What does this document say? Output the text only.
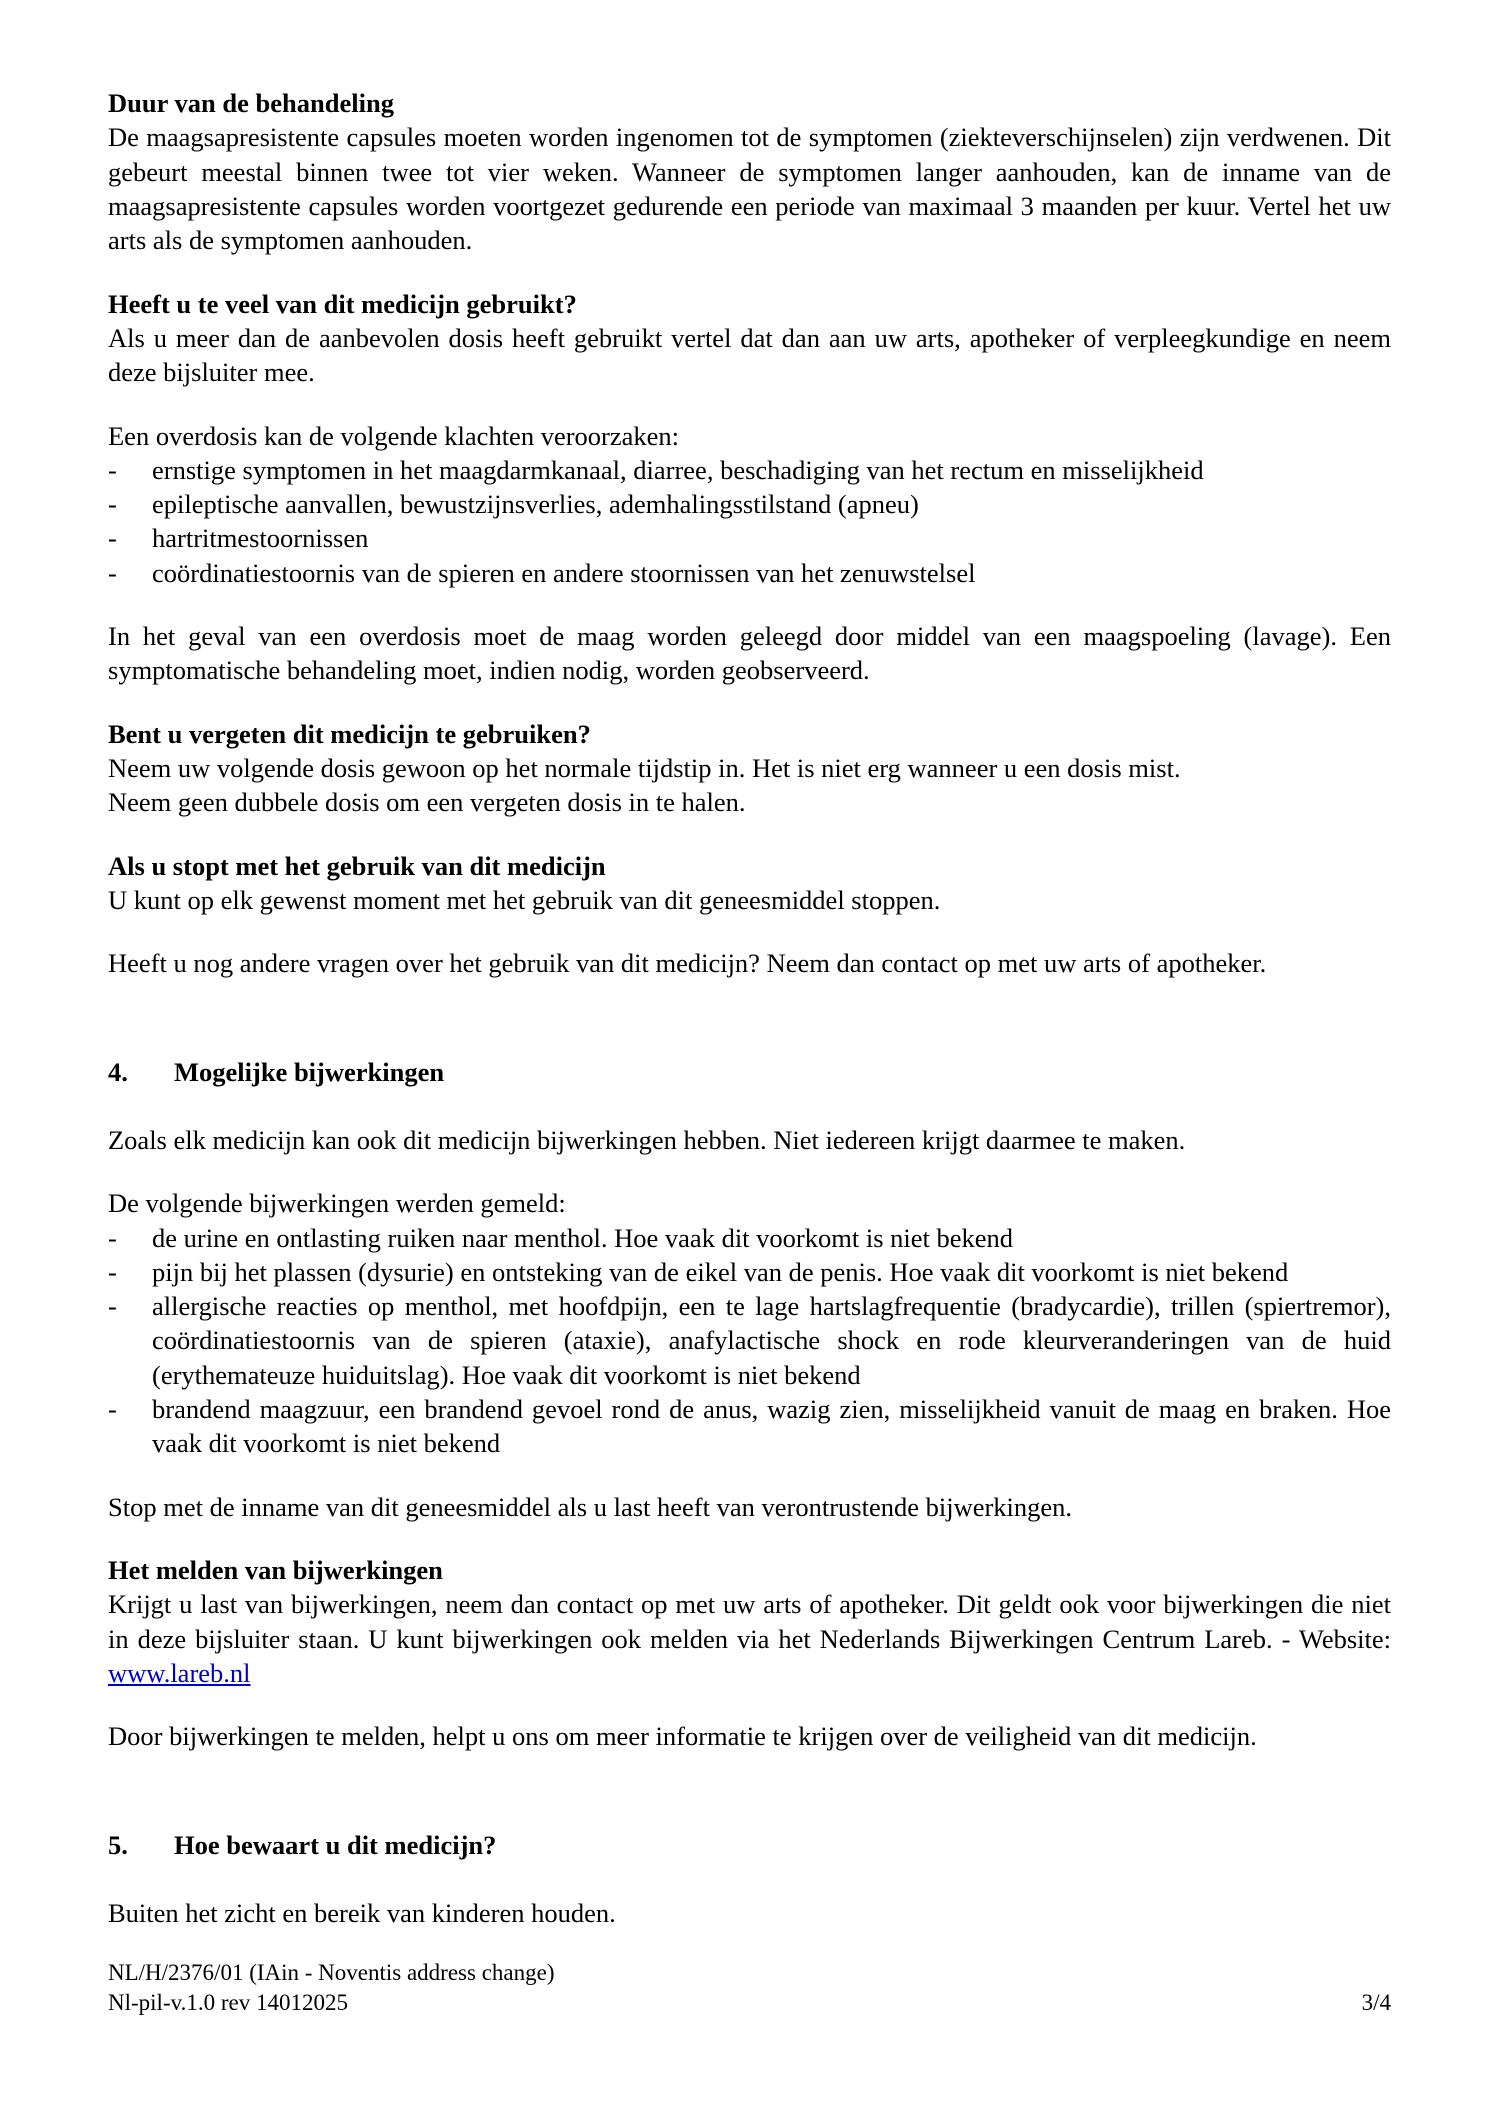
Duur van de behandeling

De maagsapresistente capsules moeten worden ingenomen tot de symptomen (ziekteverschijnselen) zijn verdwenen. Dit gebeurt meestal binnen twee tot vier weken. Wanneer de symptomen langer aanhouden, kan de inname van de maagsapresistente capsules worden voortgezet gedurende een periode van maximaal 3 maanden per kuur. Vertel het uw arts als de symptomen aanhouden.

Heeft u te veel van dit medicijn gebruikt?

Als u meer dan de aanbevolen dosis heeft gebruikt vertel dat dan aan uw arts, apotheker of verpleegkundige en neem deze bijsluiter mee.

Een overdosis kan de volgende klachten veroorzaken:

-	ernstige symptomen in het maagdarmkanaal, diarree, beschadiging van het rectum en misselijkheid
-	epileptische aanvallen, bewustzijnsverlies, ademhalingsstilstand (apneu)
-	hartritmestoornissen
-	coördinatiestoornis van de spieren en andere stoornissen van het zenuwstelsel

In het geval van een overdosis moet de maag worden geleegd door middel van een maagspoeling (lavage). Een symptomatische behandeling moet, indien nodig, worden geobserveerd.

Bent u vergeten dit medicijn te gebruiken?

Neem uw volgende dosis gewoon op het normale tijdstip in. Het is niet erg wanneer u een dosis mist.

Neem geen dubbele dosis om een vergeten dosis in te halen.

Als u stopt met het gebruik van dit medicijn

U kunt op elk gewenst moment met het gebruik van dit geneesmiddel stoppen.

Heeft u nog andere vragen over het gebruik van dit medicijn? Neem dan contact op met uw arts of apotheker.

4.	Mogelijke bijwerkingen

Zoals elk medicijn kan ook dit medicijn bijwerkingen hebben. Niet iedereen krijgt daarmee te maken.

De volgende bijwerkingen werden gemeld:

-	de urine en ontlasting ruiken naar menthol. Hoe vaak dit voorkomt is niet bekend
-	pijn bij het plassen (dysurie) en ontsteking van de eikel van de penis. Hoe vaak dit voorkomt is niet bekend
-	allergische reacties op menthol, met hoofdpijn, een te lage hartslagfrequentie (bradycardie), trillen (spiertremor), coördinatiestoornis van de spieren (ataxie), anafylactische shock en rode kleurveranderingen van de huid (erythemateuze huiduitslag). Hoe vaak dit voorkomt is niet bekend
-	brandend maagzuur, een brandend gevoel rond de anus, wazig zien, misselijkheid vanuit de maag en braken. Hoe vaak dit voorkomt is niet bekend

Stop met de inname van dit geneesmiddel als u last heeft van verontrustende bijwerkingen.

Het melden van bijwerkingen

Krijgt u last van bijwerkingen, neem dan contact op met uw arts of apotheker. Dit geldt ook voor bijwerkingen die niet in deze bijsluiter staan. U kunt bijwerkingen ook melden via het Nederlands Bijwerkingen Centrum Lareb. - Website: www.lareb.nl

Door bijwerkingen te melden, helpt u ons om meer informatie te krijgen over de veiligheid van dit medicijn.

5.	Hoe bewaart u dit medicijn?

Buiten het zicht en bereik van kinderen houden.

NL/H/2376/01 (IAin - Noventis address change)
Nl-pil-v.1.0 rev 14012025	3/4
